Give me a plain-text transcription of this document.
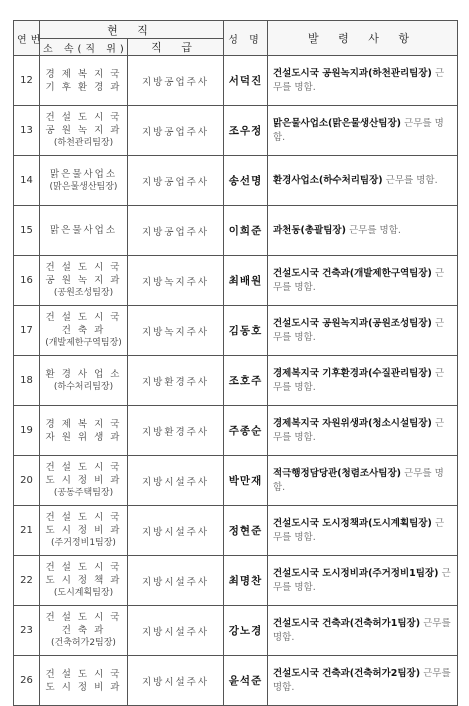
연번	현 직		성 명	발 령 사 항
	소 속(직 위)	직 급		
12	경 제 복 지 국
기 후 환 경 과	지방공업주사	서덕진	건설도시국 공원녹지과(하천관리팀장) 근무를 명함.
13	건 설 도 시 국
공 원 녹 지 과
(하천관리팀장)	지방공업주사	조우정	맑은물사업소(맑은물생산팀장) 근무를 명함.
14	맑은물사업소
(맑은물생산팀장)	지방공업주사	송선명	환경사업소(하수처리팀장) 근무를 명함.
15	맑은물사업소	지방공업주사	이희준	과천동(총괄팀장) 근무를 명함.
16	건 설 도 시 국
공 원 녹 지 과
(공원조성팀장)	지방녹지주사	최배원	건설도시국 건축과(개발제한구역팀장) 근무를 명함.
17	건 설 도 시 국
건 축 과
(개발제한구역팀장)	지방녹지주사	김동호	건설도시국 공원녹지과(공원조성팀장) 근무를 명함.
18	환 경 사 업 소
(하수처리팀장)	지방환경주사	조호주	경제복지국 기후환경과(수질관리팀장) 근무를 명함.
19	경 제 복 지 국
자 원 위 생 과	지방환경주사	주종순	경제복지국 자원위생과(청소시설팀장) 근무를 명함.
20	건 설 도 시 국
도 시 정 비 과
(공동주택팀장)	지방시설주사	박만재	적극행정담당관(청렴조사팀장) 근무를 명함.
21	건 설 도 시 국
도 시 정 비 과
(주거정비1팀장)	지방시설주사	정현준	건설도시국 도시정책과(도시계획팀장) 근무를 명함.
22	건 설 도 시 국
도 시 정 책 과
(도시계획팀장)	지방시설주사	최명찬	건설도시국 도시정비과(주거정비1팀장) 근무를 명함.
23	건 설 도 시 국
건 축 과
(건축허가2팀장)	지방시설주사	강노경	건설도시국 건축과(건축허가1팀장) 근무를 명함.
26	건 설 도 시 국
도 시 정 비 과	지방시설주사	윤석준	건설도시국 건축과(건축허가2팀장) 근무를 명함.
